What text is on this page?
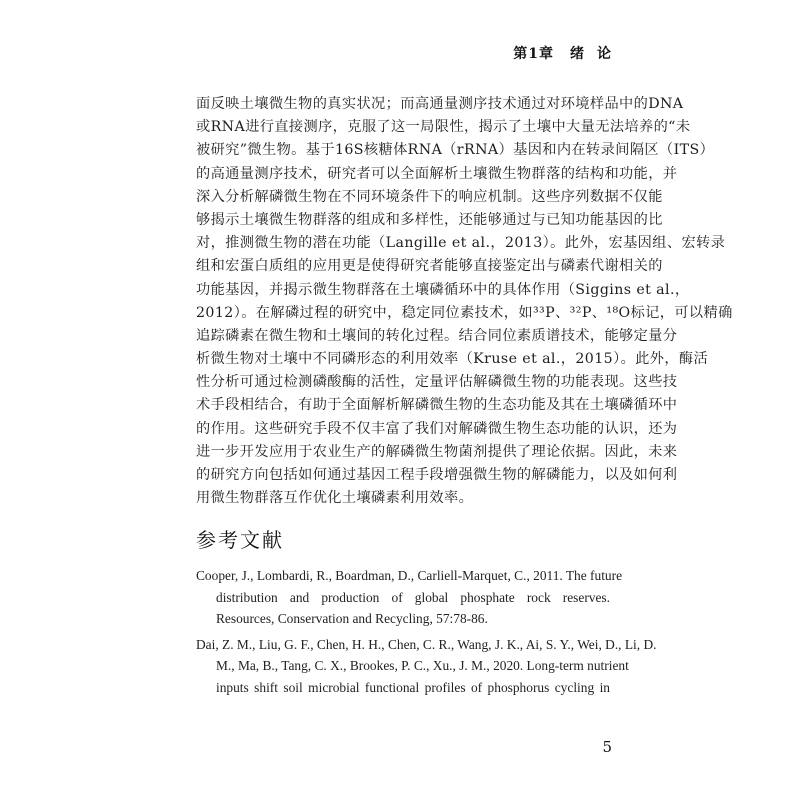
第1章 绪 论
面反映土壤微生物的真实状况；而高通量测序技术通过对环境样品中的DNA
或RNA进行直接测序，克服了这一局限性，揭示了土壤中大量无法培养的“未
被研究”微生物。基于16S核糖体RNA（rRNA）基因和内在转录间隔区（ITS）
的高通量测序技术，研究者可以全面解析土壤微生物群落的结构和功能，并
深入分析解磷微生物在不同环境条件下的响应机制。这些序列数据不仅能
够揭示土壤微生物群落的组成和多样性，还能够通过与已知功能基因的比
对，推测微生物的潜在功能（Langille et al.，2013）。此外，宏基因组、宏转录
组和宏蛋白质组的应用更是使得研究者能够直接鉴定出与磷素代谢相关的
功能基因，并揭示微生物群落在土壤磷循环中的具体作用（Siggins et al.，
2012）。在解磷过程的研究中，稳定同位素技术，如³³P、³²P、¹⁸O标记，可以精确
追踪磷素在微生物和土壤间的转化过程。结合同位素质谱技术，能够定量分
析微生物对土壤中不同磷形态的利用效率（Kruse et al.，2015）。此外，酶活
性分析可通过检测磷酸酶的活性，定量评估解磷微生物的功能表现。这些技
术手段相结合，有助于全面解析解磷微生物的生态功能及其在土壤磷循环中
的作用。这些研究手段不仅丰富了我们对解磷微生物生态功能的认识，还为
进一步开发应用于农业生产的解磷微生物菌剂提供了理论依据。因此，未来
的研究方向包括如何通过基因工程手段增强微生物的解磷能力，以及如何利
用微生物群落互作优化土壤磷素利用效率。
参考文献
Cooper, J., Lombardi, R., Boardman, D., Carliell-Marquet, C., 2011. The future
distribution and production of global phosphate rock reserves.
Resources, Conservation and Recycling, 57:78-86.
Dai, Z. M., Liu, G. F., Chen, H. H., Chen, C. R., Wang, J. K., Ai, S. Y., Wei, D., Li, D.
M., Ma, B., Tang, C. X., Brookes, P. C., Xu., J. M., 2020. Long-term nutrient
inputs shift soil microbial functional profiles of phosphorus cycling in
5
